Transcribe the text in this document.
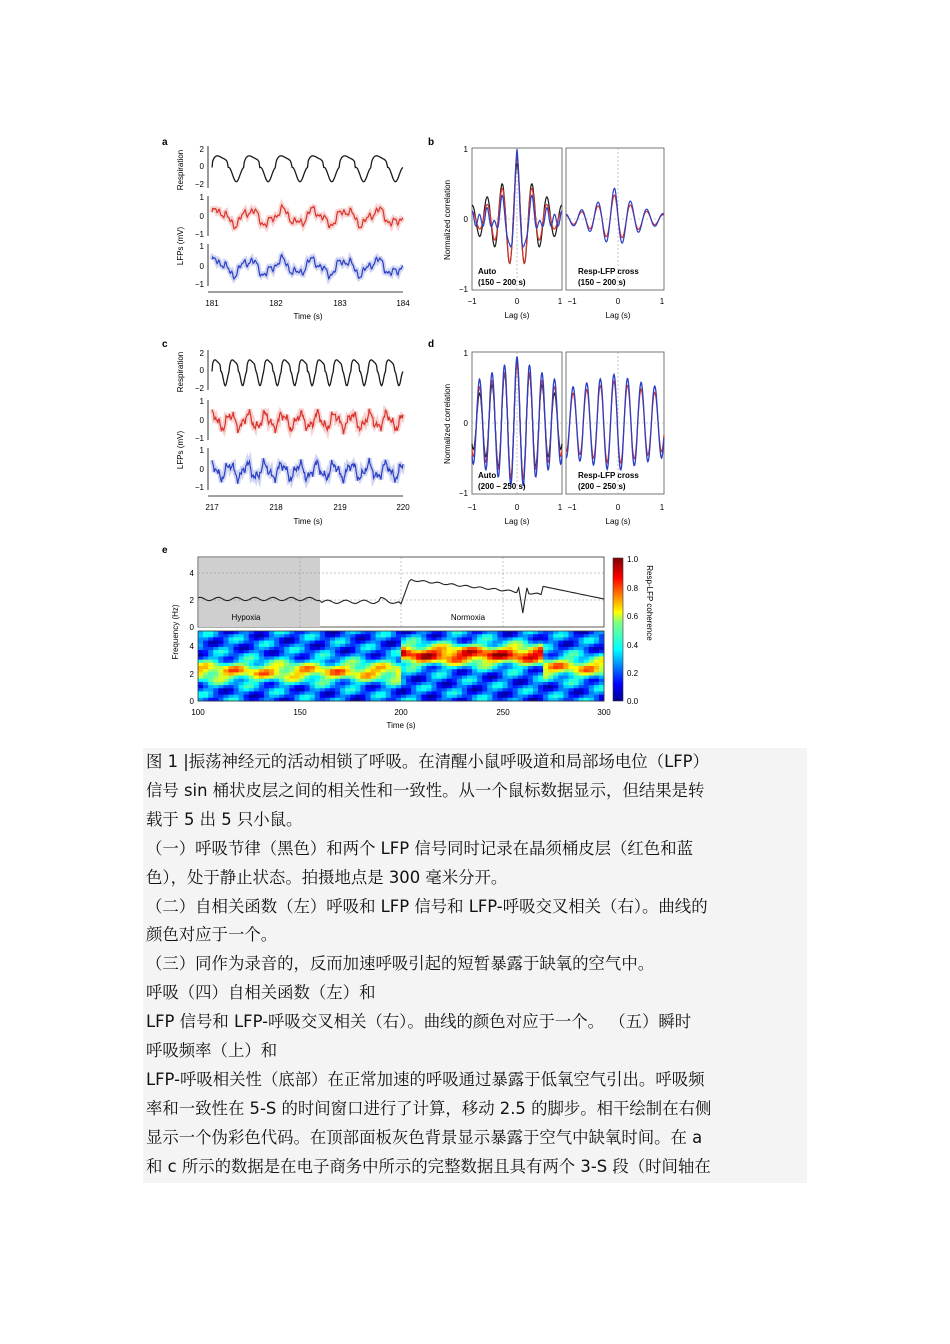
a
Respiration
LFPs (mV)
2
0
−2
1
0
−1
1
0
−1
181	182	183	184
Time (s)
b
Normalized correlation
1
0
−1
Auto
(150 – 200 s)
Resp-LFP cross
(150 – 200 s)
−1	0	1 −1	0	1
Lag (s)	Lag (s)
c
Respiration
LFPs (mV)
2
0
−2
1
0
−1
1
0
−1
217	218	219	220
Time (s)
d
Normalized correlation
1
0
−1
Auto
(200 – 250 s)
Resp-LFP cross
(200 – 250 s)
−1	0	1 −1	0	1
Lag (s)	Lag (s)
e
Frequency (Hz)	Hypoxia	Normoxia
4
2
0
4
2
0
100	150	200	250	300
Time (s)
1.0
0.8
0.6
0.4
0.2
0.0
Resp-LFP coherence

图 1 |振荡神经元的活动相锁了呼吸。在清醒小鼠呼吸道和局部场电位（LFP）

信号 sin 桶状皮层之间的相关性和一致性。从一个鼠标数据显示，但结果是转

载于 5 出 5 只小鼠。

（一）呼吸节律（黑色）和两个 LFP 信号同时记录在晶须桶皮层（红色和蓝

色），处于静止状态。拍摄地点是 300 毫米分开。

（二）自相关函数（左）呼吸和 LFP 信号和 LFP-呼吸交叉相关（右）。曲线的

颜色对应于一个。

（三）同作为录音的，反而加速呼吸引起的短暂暴露于缺氧的空气中。

呼吸（四）自相关函数（左）和

LFP 信号和 LFP-呼吸交叉相关（右）。曲线的颜色对应于一个。 （五）瞬时

呼吸频率（上）和

LFP-呼吸相关性（底部）在正常加速的呼吸通过暴露于低氧空气引出。呼吸频

率和一致性在 5-S 的时间窗口进行了计算，移动 2.5 的脚步。相干绘制在右侧

显示一个伪彩色代码。在顶部面板灰色背景显示暴露于空气中缺氧时间。在 a

和 c 所示的数据是在电子商务中所示的完整数据且具有两个 3-S 段（时间轴在
